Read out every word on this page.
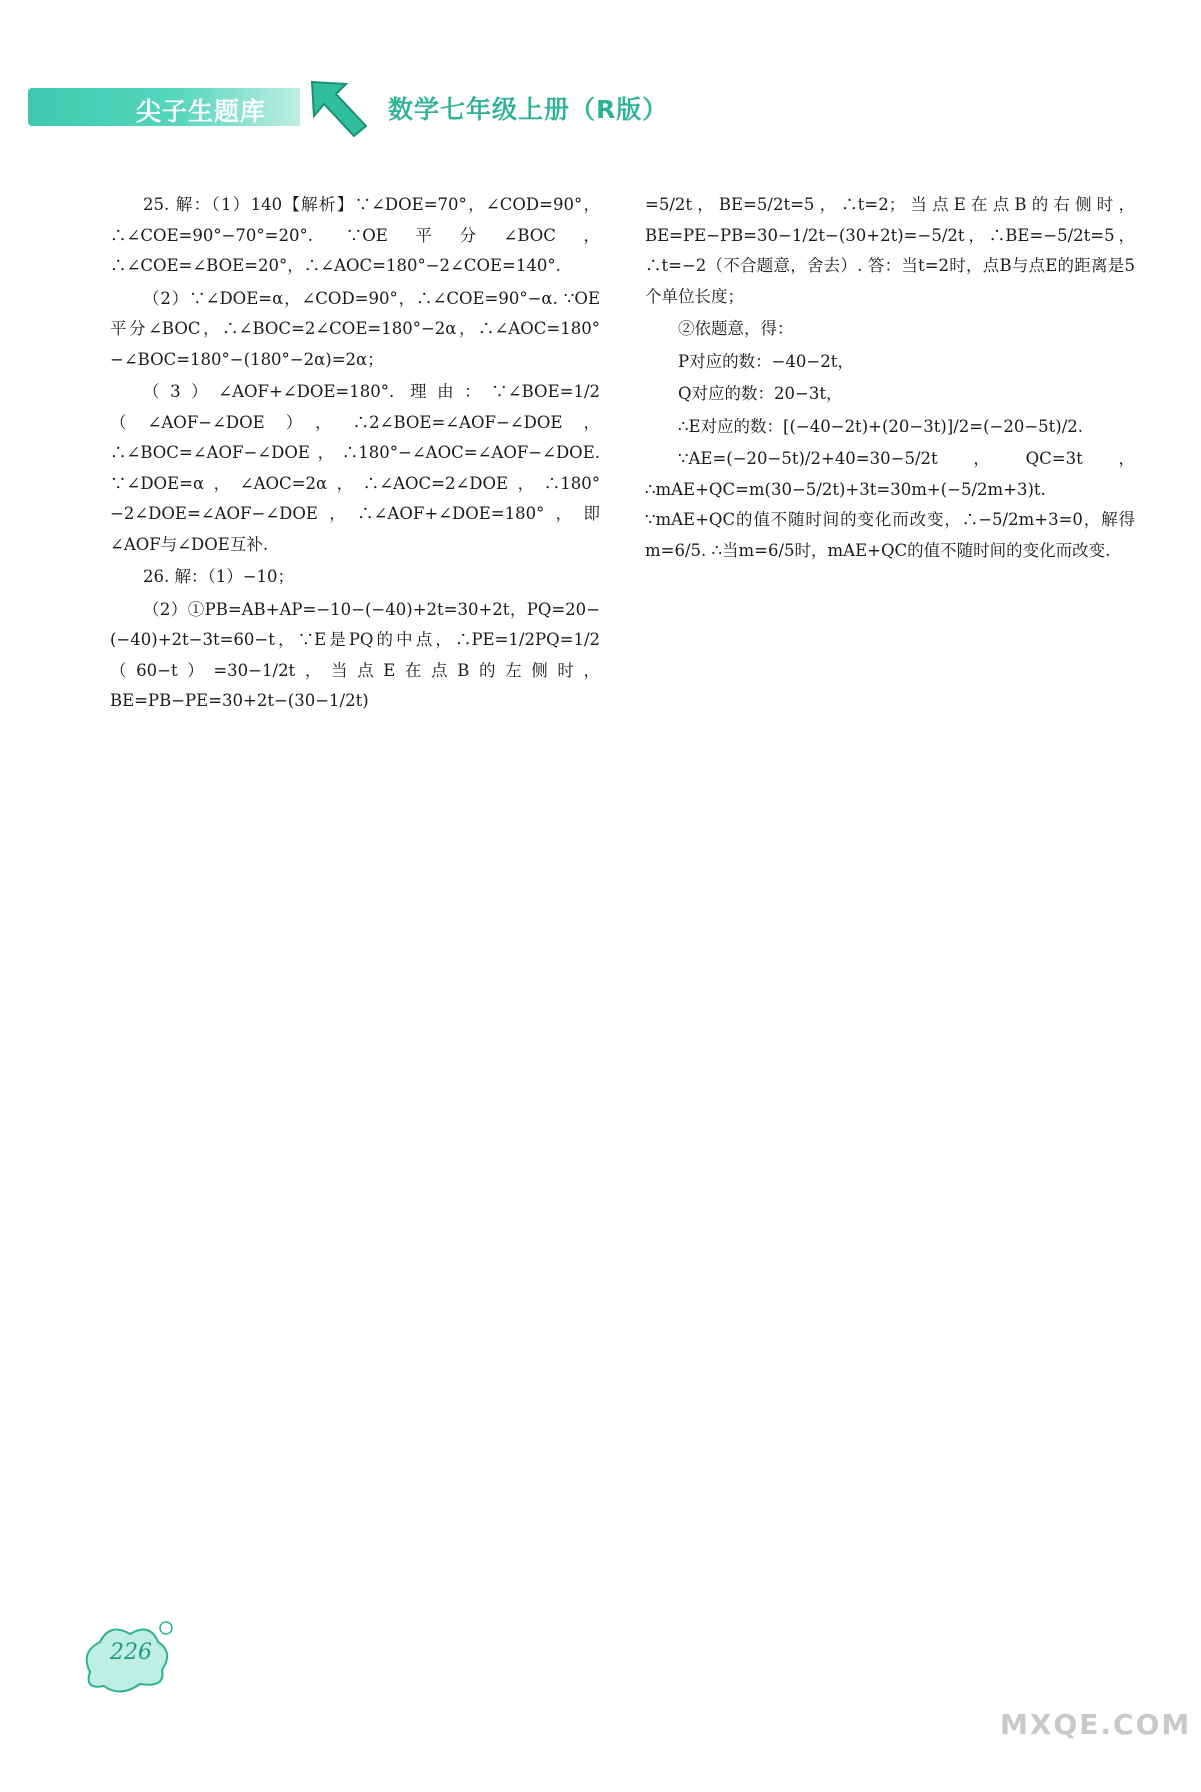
尖子生题库	数学七年级上册（R版）

25. 解：（1）140【解析】∵∠DOE=70°，∠COD=90°，∴∠COE=90°−70°=20°. ∵OE平分∠BOC，∴∠COE=∠BOE=20°，∴∠AOC=180°−2∠COE=140°.

（2）∵∠DOE=α，∠COD=90°，∴∠COE=90°−α. ∵OE平分∠BOC，∴∠BOC=2∠COE=180°−2α，∴∠AOC=180°−∠BOC=180°−(180°−2α)=2α；

（3）∠AOF+∠DOE=180°. 理由：∵∠BOE=1/2（∠AOF−∠DOE），∴2∠BOE=∠AOF−∠DOE，∴∠BOC=∠AOF−∠DOE，∴180°−∠AOC=∠AOF−∠DOE. ∵∠DOE=α，∠AOC=2α，∴∠AOC=2∠DOE，∴180°−2∠DOE=∠AOF−∠DOE，∴∠AOF+∠DOE=180°，即∠AOF与∠DOE互补.

26. 解：（1）−10；

（2）①PB=AB+AP=−10−(−40)+2t=30+2t，PQ=20−(−40)+2t−3t=60−t，∵E是PQ的中点，∴PE=1/2PQ=1/2（60−t）=30−1/2t，当点E在点B的左侧时，BE=PB−PE=30+2t−(30−1/2t)

=5/2t，BE=5/2t=5，∴t=2；当点E在点B的右侧时，BE=PE−PB=30−1/2t−(30+2t)=−5/2t，∴BE=−5/2t=5，∴t=−2（不合题意，舍去）. 答：当t=2时，点B与点E的距离是5个单位长度；

②依题意，得：

P对应的数：−40−2t，

Q对应的数：20−3t，

∴E对应的数：[(−40−2t)+(20−3t)]/2=(−20−5t)/2.

∵AE=(−20−5t)/2+40=30−5/2t，QC=3t，∴mAE+QC=m(30−5/2t)+3t=30m+(−5/2m+3)t. ∵mAE+QC的值不随时间的变化而改变，∴−5/2m+3=0，解得m=6/5. ∴当m=6/5时，mAE+QC的值不随时间的变化而改变.

226
MXQE.COM
